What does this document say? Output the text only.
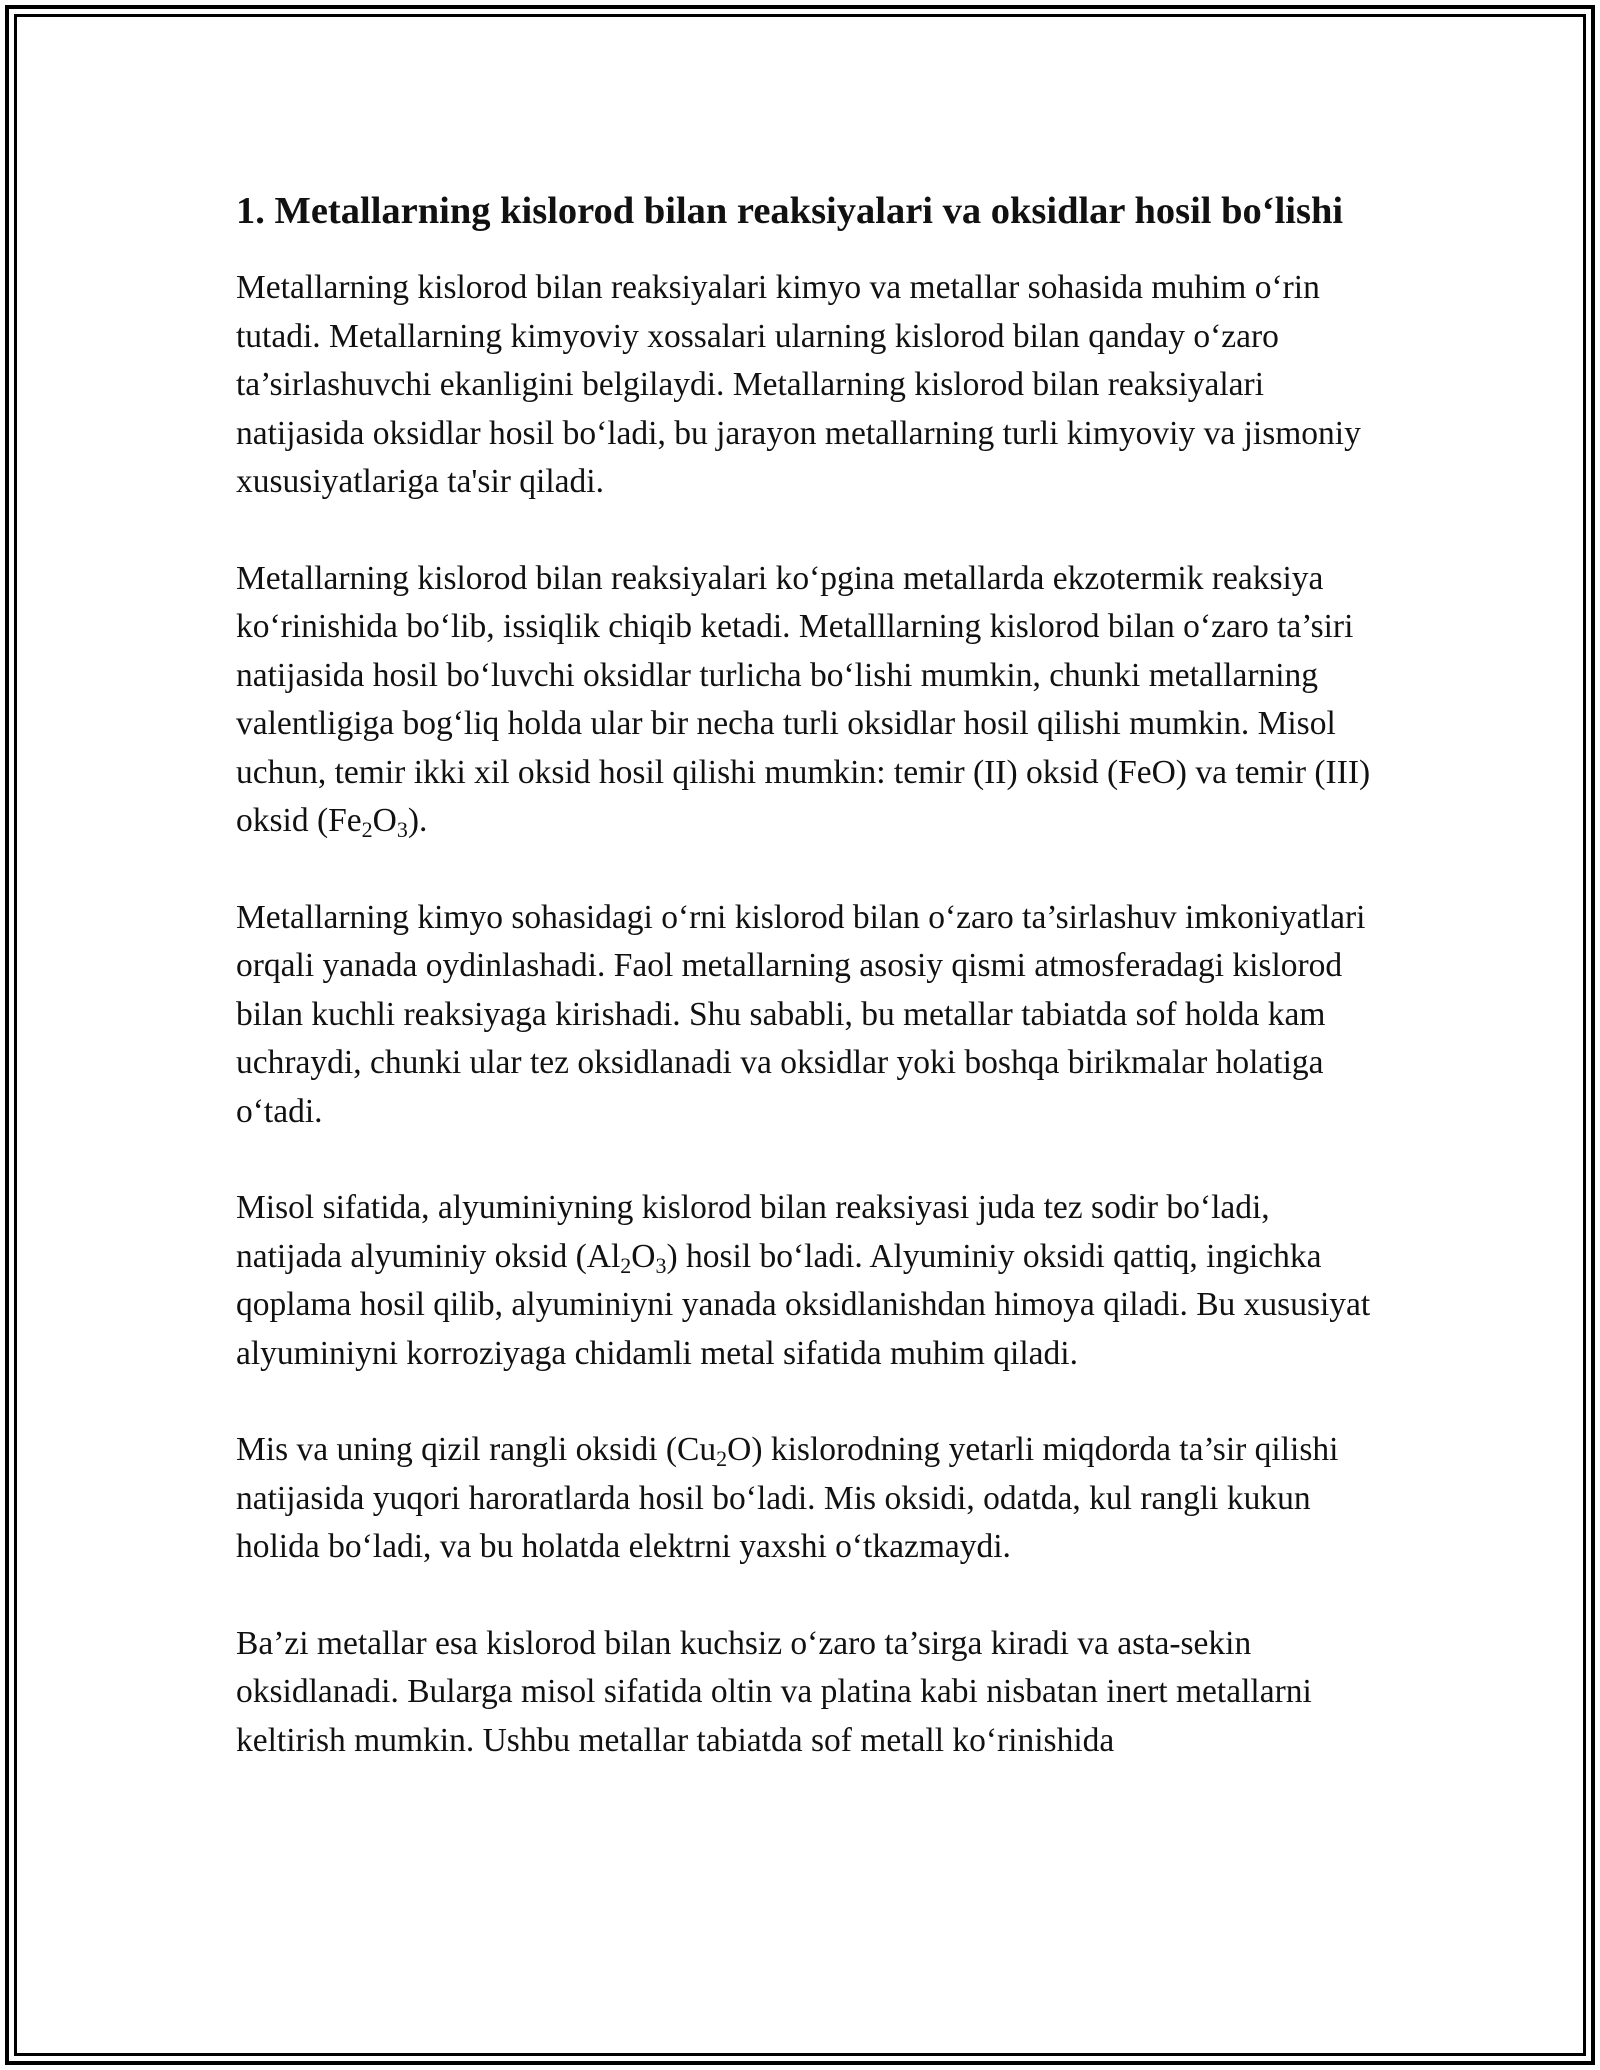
1. Metallarning kislorod bilan reaksiyalari va oksidlar hosil bo‘lishi

Metallarning kislorod bilan reaksiyalari kimyo va metallar sohasida muhim o‘rin tutadi. Metallarning kimyoviy xossalari ularning kislorod bilan qanday o‘zaro ta’sirlashuvchi ekanligini belgilaydi. Metallarning kislorod bilan reaksiyalari natijasida oksidlar hosil bo‘ladi, bu jarayon metallarning turli kimyoviy va jismoniy xususiyatlariga ta'sir qiladi.

Metallarning kislorod bilan reaksiyalari ko‘pgina metallarda ekzotermik reaksiya ko‘rinishida bo‘lib, issiqlik chiqib ketadi. Metalllarning kislorod bilan o‘zaro ta’siri natijasida hosil bo‘luvchi oksidlar turlicha bo‘lishi mumkin, chunki metallarning valentligiga bog‘liq holda ular bir necha turli oksidlar hosil qilishi mumkin. Misol uchun, temir ikki xil oksid hosil qilishi mumkin: temir (II) oksid (FeO) va temir (III) oksid $(Fe_2O_3)$.

Metallarning kimyo sohasidagi o‘rni kislorod bilan o‘zaro ta’sirlashuv imkoniyatlari orqali yanada oydinlashadi. Faol metallarning asosiy qismi atmosferadagi kislorod bilan kuchli reaksiyaga kirishadi. Shu sababli, bu metallar tabiatda sof holda kam uchraydi, chunki ular tez oksidlanadi va oksidlar yoki boshqa birikmalar holatiga o‘tadi.

Misol sifatida, alyuminiyning kislorod bilan reaksiyasi juda tez sodir bo‘ladi, natijada alyuminiy oksid $(Al_2O_3)$ hosil bo‘ladi. Alyuminiy oksidi qattiq, ingichka qoplama hosil qilib, alyuminiyni yanada oksidlanishdan himoya qiladi. Bu xususiyat alyuminiyni korroziyaga chidamli metal sifatida muhim qiladi.

Mis va uning qizil rangli oksidi $(Cu_2O)$ kislorodning yetarli miqdorda ta’sir qilishi natijasida yuqori haroratlarda hosil bo‘ladi. Mis oksidi, odatda, kul rangli kukun holida bo‘ladi, va bu holatda elektrni yaxshi o‘tkazmaydi.

Ba’zi metallar esa kislorod bilan kuchsiz o‘zaro ta’sirga kiradi va asta-sekin oksidlanadi. Bularga misol sifatida oltin va platina kabi nisbatan inert metallarni keltirish mumkin. Ushbu metallar tabiatda sof metall ko‘rinishida
